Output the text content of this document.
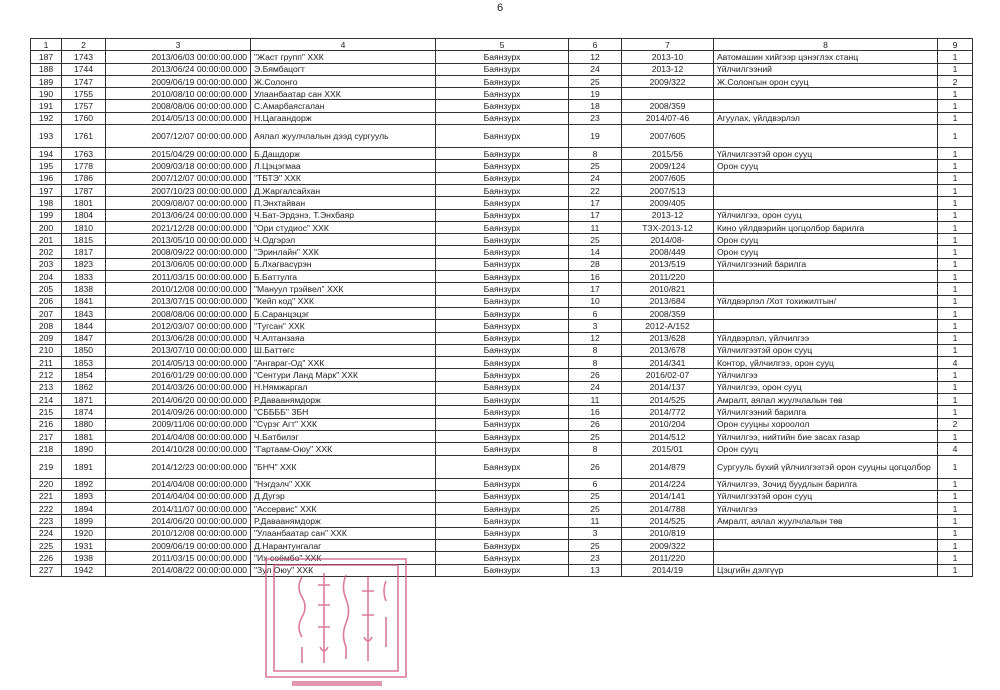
6
1	2	3	4	5	6	7	8	9
187	1743	2013/06/03 00:00:00.000	"Жаст групп" ХХК	Баянзурх	12	2013-10	Автомашин хийгээр цэнэглэх станц	1
188	1744	2013/06/24 00:00:00.000	Э.Бямбацогт	Баянзурх	24	2013-12	Үйлчилгээний	1
189	1747	2009/06/19 00:00:00.000	Ж.Солонго	Баянзурх	25	2009/322	Ж.Солонгын орон сууц	2
190	1755	2010/08/10 00:00:00.000	Улаанбаатар сан ХХК	Баянзурх	19			1
191	1757	2008/08/06 00:00:00.000	С.Амарбаясгалан	Баянзурх	18	2008/359		1
192	1760	2014/05/13 00:00:00.000	Н.Цагаандорж	Баянзурх	23	2014/07-46	Агуулах, үйлдвэрлэл	1
193	1761	2007/12/07 00:00:00.000	Аялал жуулчлалын дээд сургууль	Баянзурх	19	2007/605		1
194	1763	2015/04/29 00:00:00.000	Б.Дашдорж	Баянзурх	8	2015/56	Үйлчилгээтэй орон сууц	1
195	1778	2009/03/18 00:00:00.000	Л.Цэцэгмаа	Баянзурх	25	2009/124	Орон сууц	1
196	1786	2007/12/07 00:00:00.000	"ТБТЭ" ХХК	Баянзурх	24	2007/605		1
197	1787	2007/10/23 00:00:00.000	Д.Жаргалсайхан	Баянзурх	22	2007/513		1
198	1801	2009/08/07 00:00:00.000	П.Энхтайван	Баянзурх	17	2009/405		1
199	1804	2013/06/24 00:00:00.000	Ч.Бат-Эрдэнэ, Т.Энхбаяр	Баянзурх	17	2013-12	Үйлчилгээ, орон сууц	1
200	1810	2021/12/28 00:00:00.000	"Ори студиос" ХХК	Баянзурх	11	ТЗХ-2013-12	Кино үйлдвэрийн цогцолбор барилга	1
201	1815	2013/05/10 00:00:00.000	Ч.Одгэрэл	Баянзурх	25	2014/08-	Орон сууц	1
202	1817	2008/09/22 00:00:00.000	"Эринлайн" ХХК	Баянзурх	14	2008/449	Орон сууц	1
203	1823	2013/06/05 00:00:00.000	Б.Лхагвасүрэн	Баянзурх	28	2013/519	Үйлчилгээний барилга	1
204	1833	2011/03/15 00:00:00.000	Б.Баттулга	Баянзурх	16	2011/220		1
205	1838	2010/12/08 00:00:00.000	"Мануул трэйвел" ХХК	Баянзурх	17	2010/821		1
206	1841	2013/07/15 00:00:00.000	"Кейп код" ХХК	Баянзурх	10	2013/684	Үйлдвэрлэл /Хот тохижилтын/	1
207	1843	2008/08/06 00:00:00.000	Б.Саранцэцэг	Баянзурх	6	2008/359		1
208	1844	2012/03/07 00:00:00.000	"Тугсан" ХХК	Баянзурх	3	2012-А/152		1
209	1847	2013/06/28 00:00:00.000	Ч.Алтанзаяа	Баянзурх	12	2013/628	Үйлдвэрлэл, үйлчилгээ	1
210	1850	2013/07/10 00:00:00.000	Ш.Баттөгс	Баянзурх	8	2013/678	Үйлчилгээтэй орон сууц	1
211	1853	2014/05/13 00:00:00.000	"Ангараг-Од" ХХК	Баянзурх	8	2014/341	Контор, үйлчилгээ, орон сууц	4
212	1854	2016/01/29 00:00:00.000	"Сентури Ланд Марк" ХХК	Баянзурх	26	2016/02-07	Үйлчилгээ	1
213	1862	2014/03/26 00:00:00.000	Н.Нямжаргал	Баянзурх	24	2014/137	Үйлчилгээ, орон сууц	1
214	1871	2014/06/20 00:00:00.000	Р.Даваанямдорж	Баянзурх	11	2014/525	Амралт, аялал жуулчлалын төв	1
215	1874	2014/09/26 00:00:00.000	"СББББ" ЗБН	Баянзурх	16	2014/772	Үйлчилгээний барилга	1
216	1880	2009/11/06 00:00:00.000	"Сүрэг Агт" ХХК	Баянзурх	26	2010/204	Орон сууцны хороолол	2
217	1881	2014/04/08 00:00:00.000	Ч.Батбилэг	Баянзурх	25	2014/512	Үйлчилгээ, нийтийн бие засах газар	1
218	1890	2014/10/28 00:00:00.000	"Гартаам-Оюу" ХХК	Баянзурх	8	2015/01	Орон сууц	4
219	1891	2014/12/23 00:00:00.000	"БНЧ" ХХК	Баянзурх	26	2014/879	Сургууль бүхий үйлчилгээтэй орон сууцны цогцолбор	1
220	1892	2014/04/08 00:00:00.000	"Нэгдэлч" ХХК	Баянзурх	6	2014/224	Үйлчилгээ, Зочид буудлын барилга	1
221	1893	2014/04/04 00:00:00.000	Д.Дугэр	Баянзурх	25	2014/141	Үйлчилгээтэй орон сууц	1
222	1894	2014/11/07 00:00:00.000	"Ассервис" ХХК	Баянзурх	25	2014/788	Үйлчилгээ	1
223	1899	2014/06/20 00:00:00.000	Р.Даваанямдорж	Баянзурх	11	2014/525	Амралт, аялал жуулчлалын төв	1
224	1920	2010/12/08 00:00:00.000	"Улаанбаатар сан" ХХК	Баянзурх	3	2010/819		1
225	1931	2009/06/19 00:00:00.000	Д.Нарантунгалаг	Баянзурх	25	2009/322		1
226	1938	2011/03/15 00:00:00.000	"Их соёмбо" ХХК	Баянзурх	23	2011/220		1
227	1942	2014/08/22 00:00:00.000	"Зул Оюу" ХХК	Баянзурх	13	2014/19	Цэцгийн дэлгүүр	1
